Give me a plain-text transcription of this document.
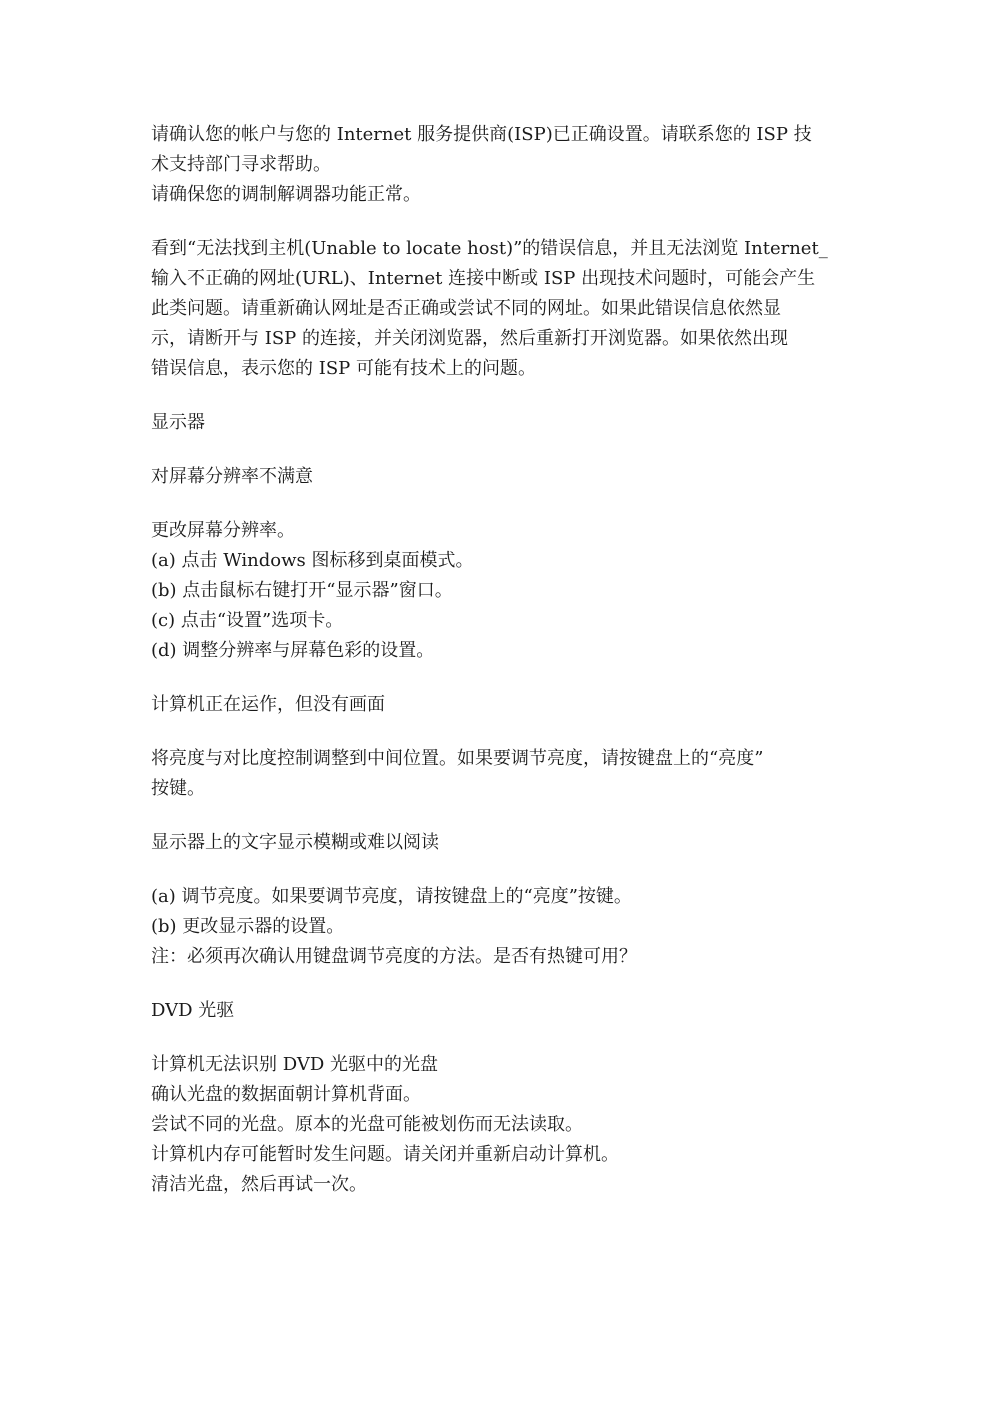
请确认您的帐户与您的 Internet 服务提供商(ISP)已正确设置。请联系您的 ISP 技
术支持部门寻求帮助。
请确保您的调制解调器功能正常。
看到“无法找到主机(Unable to locate host)”的错误信息，并且无法浏览 Internet_
输入不正确的网址(URL)、Internet 连接中断或 ISP 出现技术问题时，可能会产生
此类问题。请重新确认网址是否正确或尝试不同的网址。如果此错误信息依然显
示，请断开与 ISP 的连接，并关闭浏览器，然后重新打开浏览器。如果依然出现
错误信息，表示您的 ISP 可能有技术上的问题。
显示器
对屏幕分辨率不满意
更改屏幕分辨率。
(a) 点击 Windows 图标移到桌面模式。
(b) 点击鼠标右键打开“显示器”窗口。
(c) 点击“设置”选项卡。
(d) 调整分辨率与屏幕色彩的设置。
计算机正在运作，但没有画面
将亮度与对比度控制调整到中间位置。如果要调节亮度，请按键盘上的“亮度”
按键。
显示器上的文字显示模糊或难以阅读
(a) 调节亮度。如果要调节亮度，请按键盘上的“亮度”按键。
(b) 更改显示器的设置。
注：必须再次确认用键盘调节亮度的方法。是否有热键可用？
DVD 光驱
计算机无法识别 DVD 光驱中的光盘
确认光盘的数据面朝计算机背面。
尝试不同的光盘。原本的光盘可能被划伤而无法读取。
计算机内存可能暂时发生问题。请关闭并重新启动计算机。
清洁光盘，然后再试一次。
